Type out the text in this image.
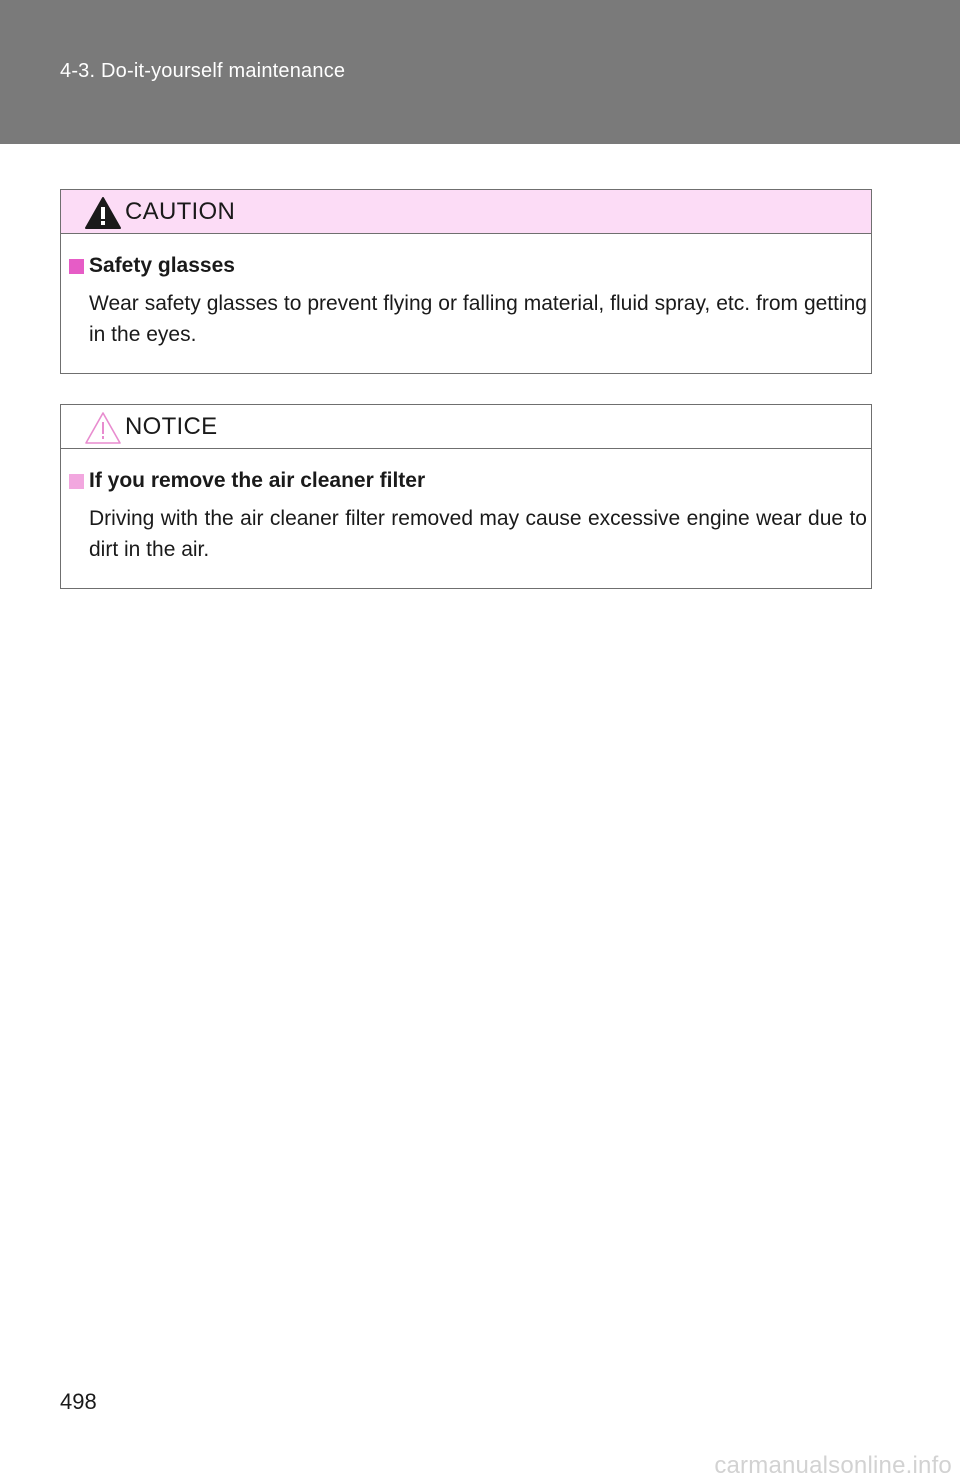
4-3. Do-it-yourself maintenance
CAUTION
Safety glasses
Wear safety glasses to prevent flying or falling material, fluid spray, etc. from getting in the eyes.
NOTICE
If you remove the air cleaner filter
Driving with the air cleaner filter removed may cause excessive engine wear due to dirt in the air.
498
carmanualsonline.info
